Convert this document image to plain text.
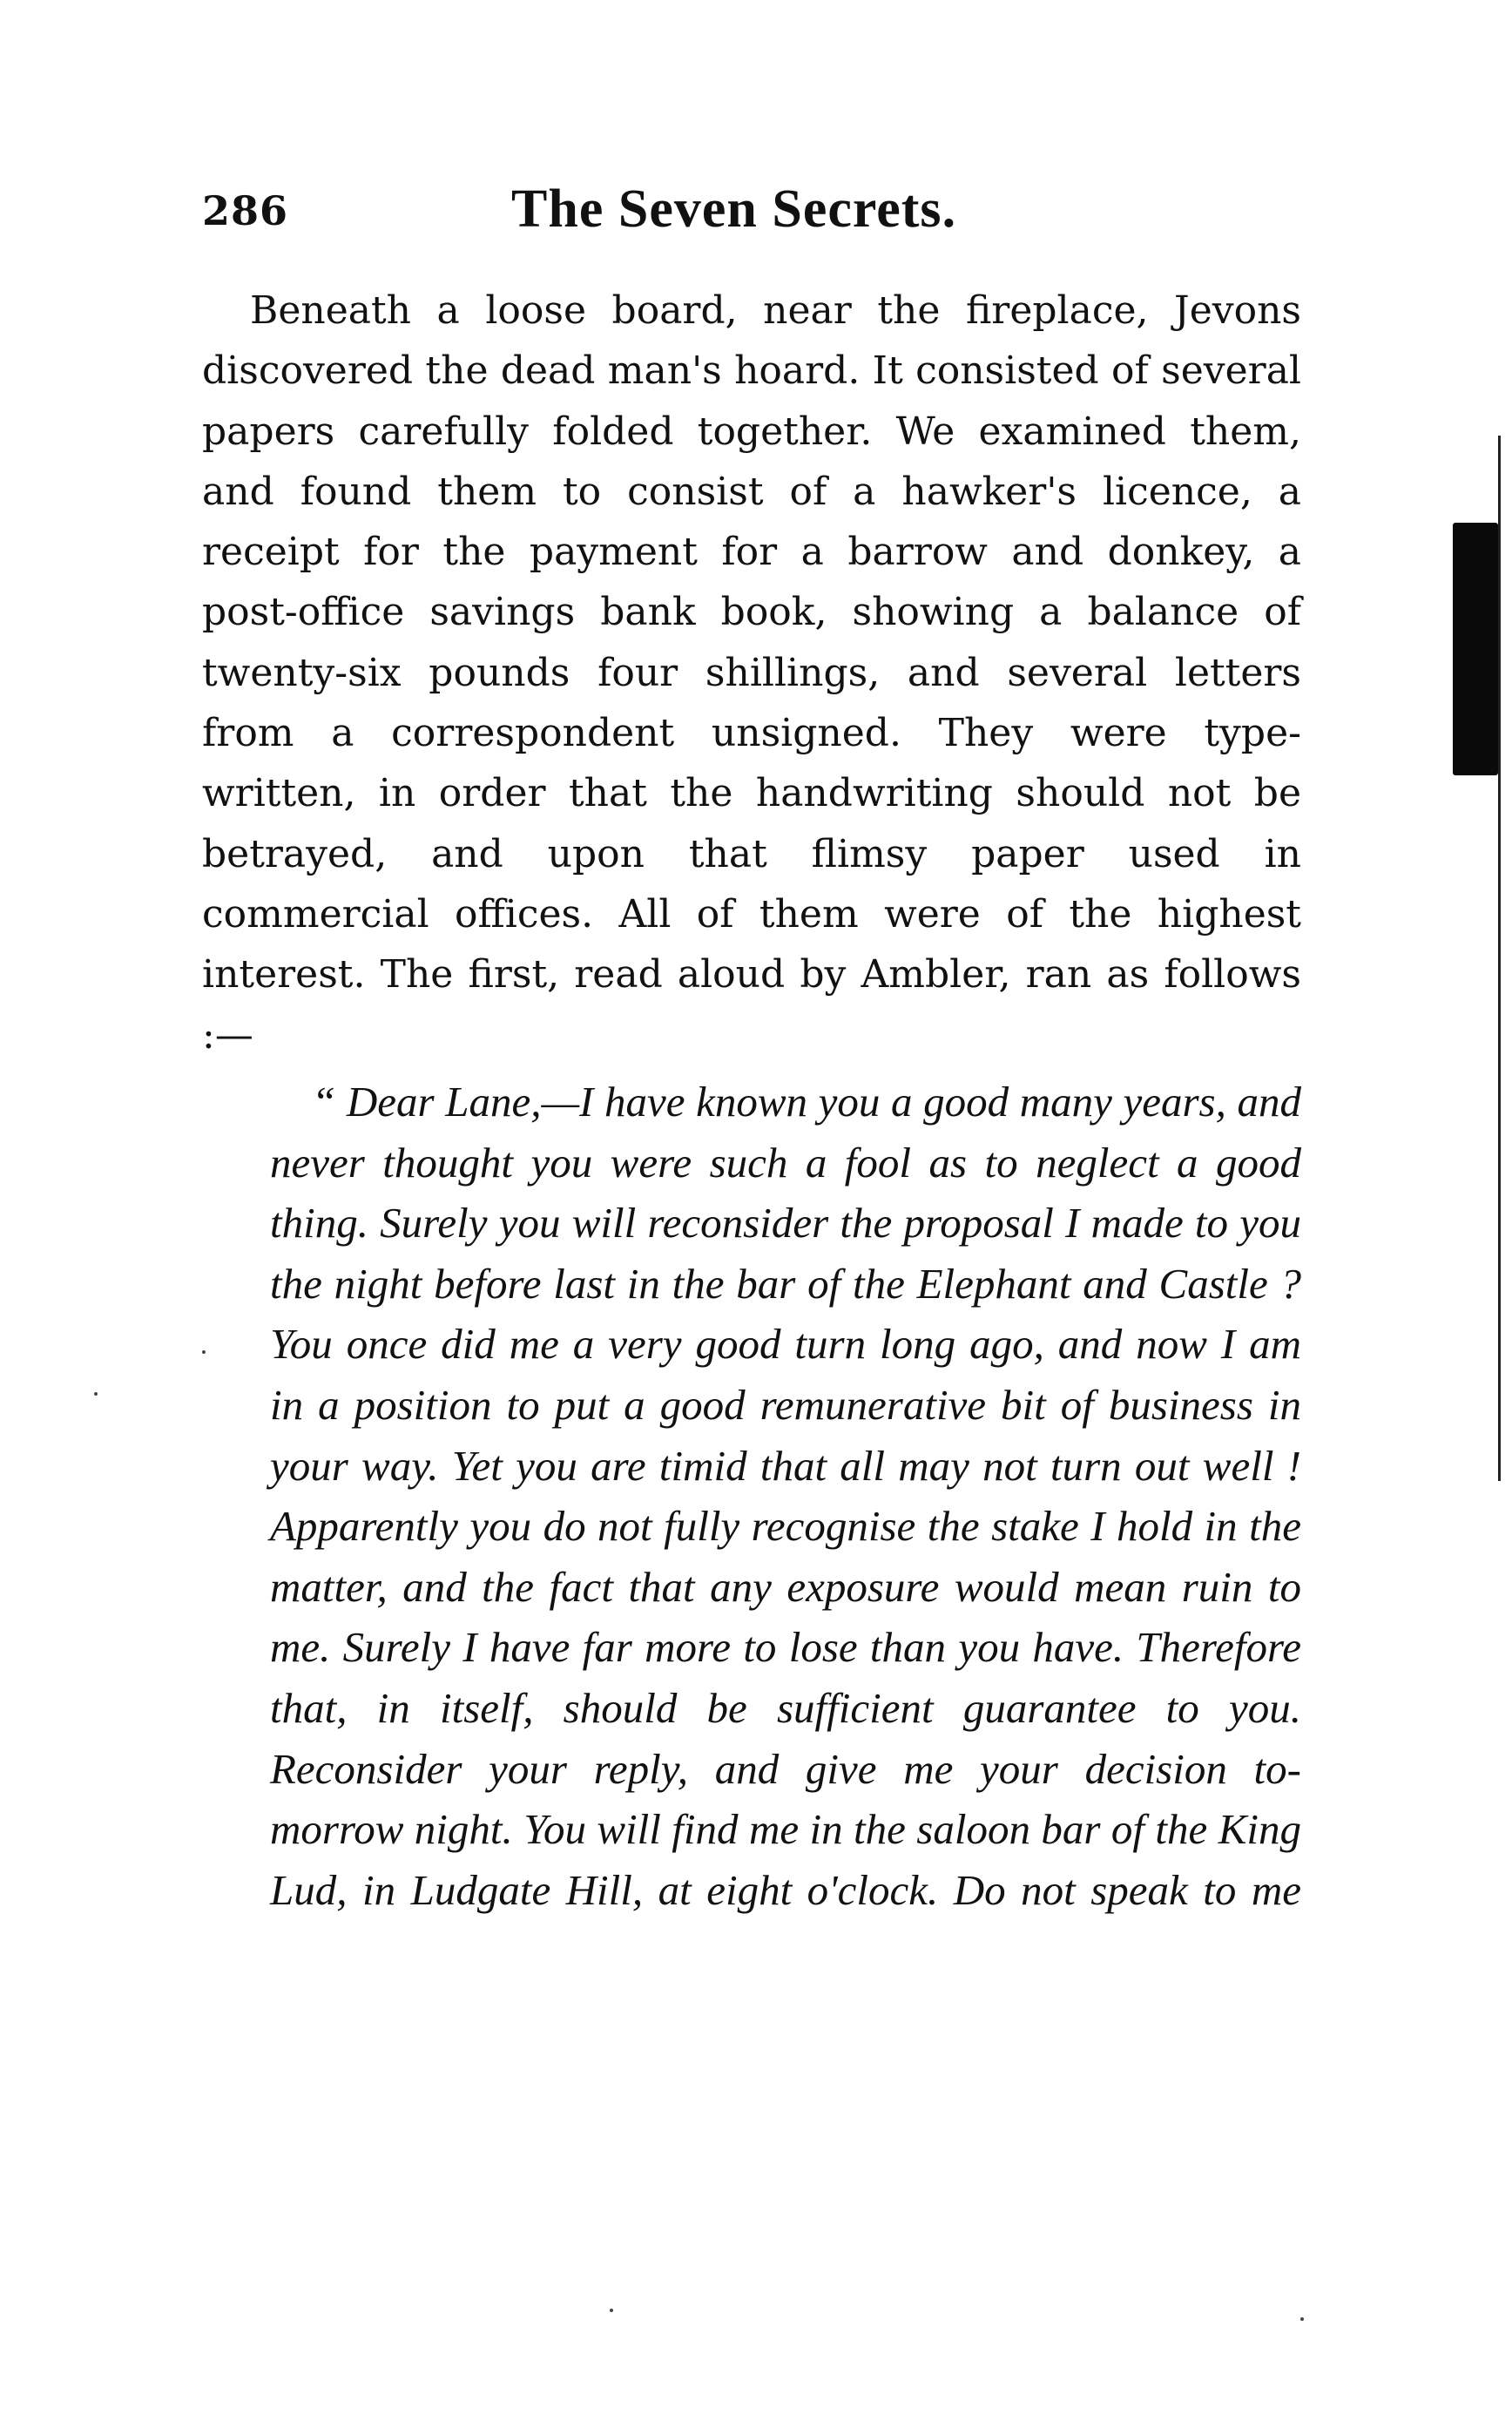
286	The Seven Secrets.

Beneath a loose board, near the fireplace, Jevons discovered the dead man's hoard. It consisted of several papers carefully folded together. We examined them, and found them to consist of a hawker's licence, a receipt for the payment for a barrow and donkey, a post-office savings bank book, showing a balance of twenty-six pounds four shillings, and several letters from a correspondent unsigned. They were type-written, in order that the handwriting should not be betrayed, and upon that flimsy paper used in commercial offices. All of them were of the highest interest. The first, read aloud by Ambler, ran as follows :—

“ Dear Lane,—I have known you a good many years, and never thought you were such a fool as to neglect a good thing. Surely you will reconsider the proposal I made to you the night before last in the bar of the Elephant and Castle ? You once did me a very good turn long ago, and now I am in a position to put a good remunerative bit of business in your way. Yet you are timid that all may not turn out well ! Apparently you do not fully recognise the stake I hold in the matter, and the fact that any exposure would mean ruin to me. Surely I have far more to lose than you have. Therefore that, in itself, should be sufficient guarantee to you. Reconsider your reply, and give me your decision to-morrow night. You will find me in the saloon bar of the King Lud, in Ludgate Hill, at eight o'clock. Do not speak to me
